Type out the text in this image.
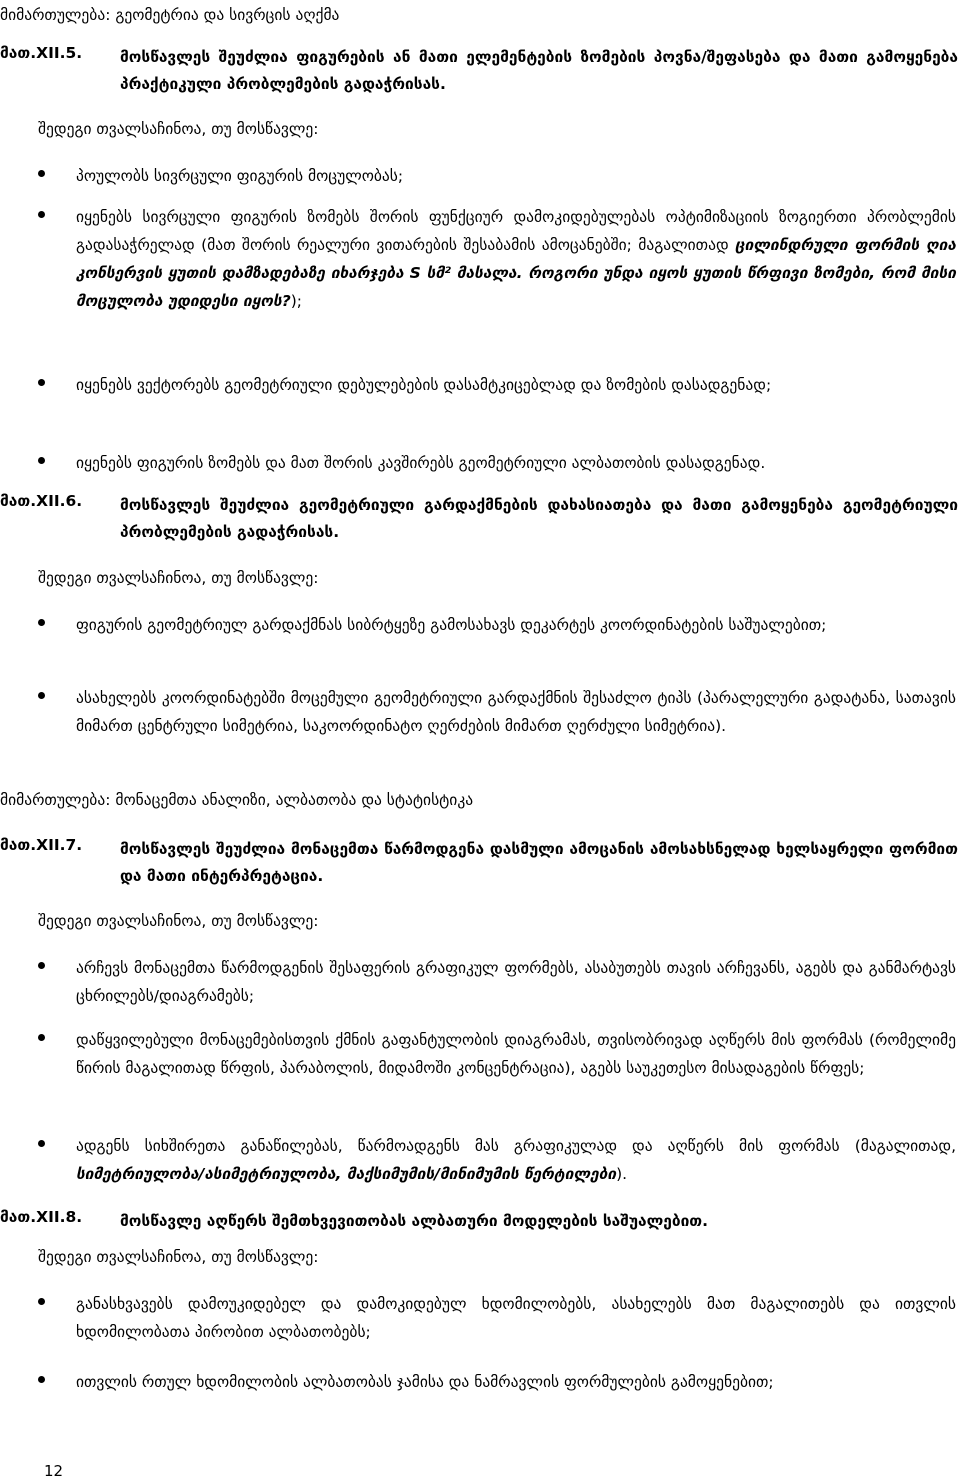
მიმართულება: გეომეტრია და სივრცის აღქმა
მათ.XII.5. მოსწავლეს შეუძლია ფიგურების ან მათი ელემენტების ზომების პოვნა/შეფასება და მათი გამოყენება პრაქტიკული პრობლემების გადაჭრისას.
შედეგი თვალსაჩინოა, თუ მოსწავლე:
პოულობს სივრცული ფიგურის მოცულობას;
იყენებს სივრცული ფიგურის ზომებს შორის ფუნქციურ დამოკიდებულებას ოპტიმიზაციის ზოგიერთი პრობლემის გადასაჭრელად (მათ შორის რეალური ვითარების შესაბამის ამოცანებში; მაგალითად ცილინდრული ფორმის ღია კონსერვის ყუთის დამზადებაზე იხარჯება S სმ² მასალა. როგორი უნდა იყოს ყუთის წრფივი ზომები, რომ მისი მოცულობა უდიდესი იყოს?);
იყენებს ვექტორებს გეომეტრიული დებულებების დასამტკიცებლად და ზომების დასადგენად;
იყენებს ფიგურის ზომებს და მათ შორის კავშირებს გეომეტრიული ალბათობის დასადგენად.
მათ.XII.6. მოსწავლეს შეუძლია გეომეტრიული გარდაქმნების დახასიათება და მათი გამოყენება გეომეტრიული პრობლემების გადაჭრისას.
შედეგი თვალსაჩინოა, თუ მოსწავლე:
ფიგურის გეომეტრიულ გარდაქმნას სიბრტყეზე გამოსახავს დეკარტეს კოორდინატების საშუალებით;
ასახელებს კოორდინატებში მოცემული გეომეტრიული გარდაქმნის შესაძლო ტიპს (პარალელური გადატანა, სათავის მიმართ ცენტრული სიმეტრია, საკოორდინატო ღერძების მიმართ ღერძული სიმეტრია).
მიმართულება: მონაცემთა ანალიზი, ალბათობა და სტატისტიკა
მათ.XII.7. მოსწავლეს შეუძლია მონაცემთა წარმოდგენა დასმული ამოცანის ამოსახსნელად ხელსაყრელი ფორმით და მათი ინტერპრეტაცია.
შედეგი თვალსაჩინოა, თუ მოსწავლე:
არჩევს მონაცემთა წარმოდგენის შესაფერის გრაფიკულ ფორმებს, ასაბუთებს თავის არჩევანს, აგებს და განმარტავს ცხრილებს/დიაგრამებს;
დაწყვილებული მონაცემებისთვის ქმნის გაფანტულობის დიაგრამას, თვისობრივად აღწერს მის ფორმას (რომელიმე წირის მაგალითად წრფის, პარაბოლის, მიდამოში კონცენტრაცია), აგებს საუკეთესო მისადაგების წრფეს;
ადგენს სიხშირეთა განაწილებას, წარმოადგენს მას გრაფიკულად და აღწერს მის ფორმას (მაგალითად, სიმეტრიულობა/ასიმეტრიულობა, მაქსიმუმის/მინიმუმის წერტილები).
მათ.XII.8. მოსწავლე აღწერს შემთხვევითობას ალბათური მოდელების საშუალებით.
შედეგი თვალსაჩინოა, თუ მოსწავლე:
განასხვავებს დამოუკიდებელ და დამოკიდებულ ხდომილობებს, ასახელებს მათ მაგალითებს და ითვლის ხდომილობათა პირობით ალბათობებს;
ითვლის რთულ ხდომილობის ალბათობას ჯამისა და ნამრავლის ფორმულების გამოყენებით;
12
